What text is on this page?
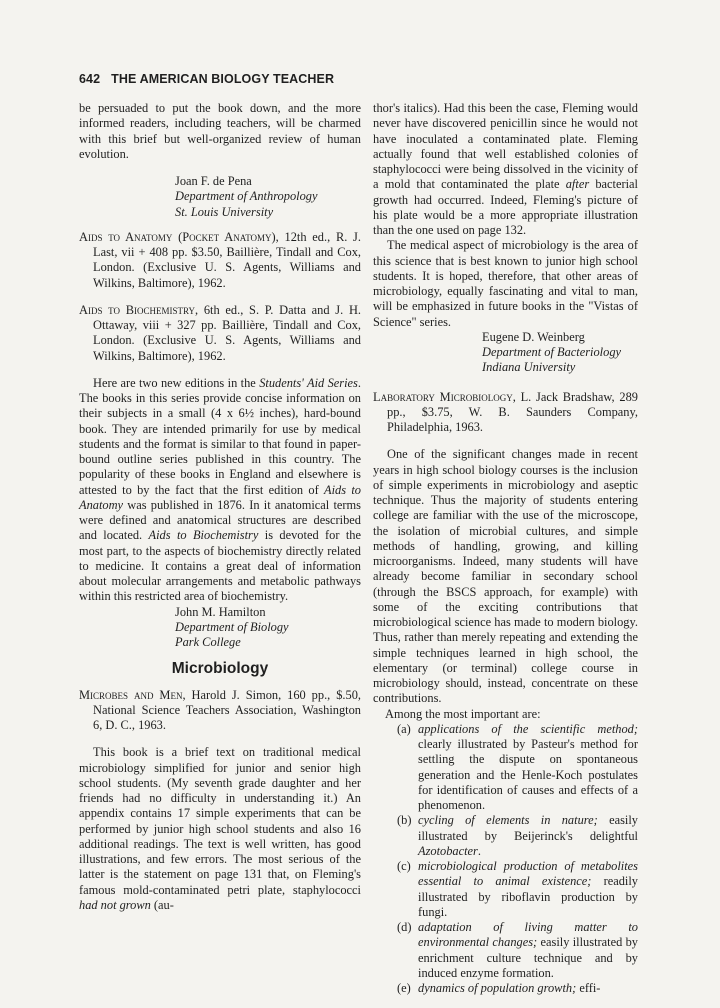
642 THE AMERICAN BIOLOGY TEACHER

be persuaded to put the book down, and the more informed readers, including teachers, will be charmed with this brief but well-organized review of human evolution.

Joan F. de Pena

Department of Anthropology

St. Louis University

Aids to Anatomy (Pocket Anatomy), 12th ed., R. J. Last, vii + 408 pp. $3.50, Baillière, Tindall and Cox, London. (Exclusive U. S. Agents, Williams and Wilkins, Baltimore), 1962.

Aids to Biochemistry, 6th ed., S. P. Datta and J. H. Ottaway, viii + 327 pp. Baillière, Tindall and Cox, London. (Exclusive U. S. Agents, Williams and Wilkins, Baltimore), 1962.

Here are two new editions in the Students' Aid Series. The books in this series provide concise information on their subjects in a small (4 x 6½ inches), hard-bound book. They are intended primarily for use by medical students and the format is similar to that found in paper-bound outline series published in this country. The popularity of these books in England and elsewhere is attested to by the fact that the first edition of Aids to Anatomy was published in 1876. In it anatomical terms were defined and anatomical structures are described and located. Aids to Biochemistry is devoted for the most part, to the aspects of biochemistry directly related to medicine. It contains a great deal of information about molecular arrangements and metabolic pathways within this restricted area of biochemistry.

John M. Hamilton

Department of Biology

Park College

Microbiology

Microbes and Men, Harold J. Simon, 160 pp., $.50, National Science Teachers Association, Washington 6, D. C., 1963.

This book is a brief text on traditional medical microbiology simplified for junior and senior high school students. (My seventh grade daughter and her friends had no difficulty in understanding it.) An appendix contains 17 simple experiments that can be performed by junior high school students and also 16 additional readings. The text is well written, has good illustrations, and few errors. The most serious of the latter is the statement on page 131 that, on Fleming's famous mold-contaminated petri plate, staphylococci had not grown (au-

thor's italics). Had this been the case, Fleming would never have discovered penicillin since he would not have inoculated a contaminated plate. Fleming actually found that well established colonies of staphylococci were being dissolved in the vicinity of a mold that contaminated the plate after bacterial growth had occurred. Indeed, Fleming's picture of his plate would be a more appropriate illustration than the one used on page 132.

The medical aspect of microbiology is the area of this science that is best known to junior high school students. It is hoped, therefore, that other areas of microbiology, equally fascinating and vital to man, will be emphasized in future books in the "Vistas of Science" series.

Eugene D. Weinberg

Department of Bacteriology

Indiana University

Laboratory Microbiology, L. Jack Bradshaw, 289 pp., $3.75, W. B. Saunders Company, Philadelphia, 1963.

One of the significant changes made in recent years in high school biology courses is the inclusion of simple experiments in microbiology and aseptic technique. Thus the majority of students entering college are familiar with the use of the microscope, the isolation of microbial cultures, and simple methods of handling, growing, and killing microorganisms. Indeed, many students will have already become familiar in secondary school (through the BSCS approach, for example) with some of the exciting contributions that microbiological science has made to modern biology. Thus, rather than merely repeating and extending the simple techniques learned in high school, the elementary (or terminal) college course in microbiology should, instead, concentrate on these contributions.

Among the most important are:

(a) applications of the scientific method; clearly illustrated by Pasteur's method for settling the dispute on spontaneous generation and the Henle-Koch postulates for identification of causes and effects of a phenomenon.
(b) cycling of elements in nature; easily illustrated by Beijerinck's delightful Azotobacter.
(c) microbiological production of metabolites essential to animal existence; readily illustrated by riboflavin production by fungi.
(d) adaptation of living matter to environmental changes; easily illustrated by enrichment culture technique and by induced enzyme formation.
(e) dynamics of population growth; effi-
